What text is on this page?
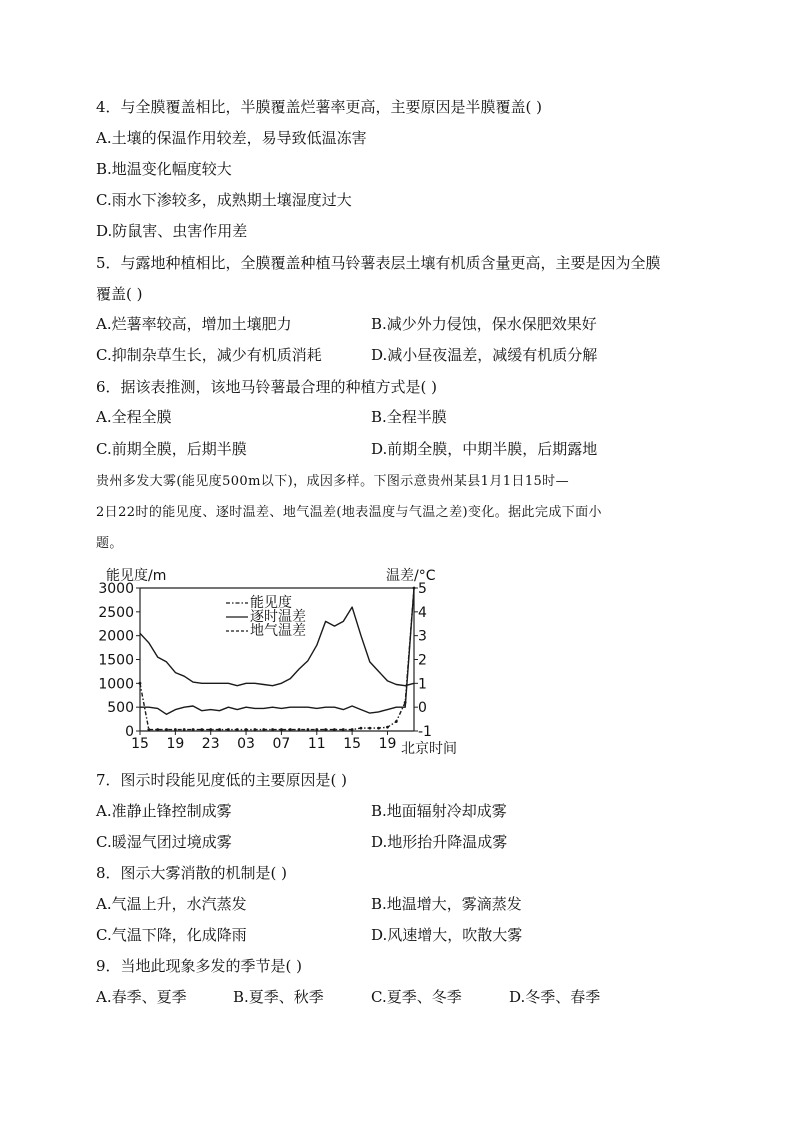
4．与全膜覆盖相比，半膜覆盖烂薯率更高，主要原因是半膜覆盖( )
A.土壤的保温作用较差，易导致低温冻害
B.地温变化幅度较大
C.雨水下渗较多，成熟期土壤湿度过大
D.防鼠害、虫害作用差
5．与露地种植相比，全膜覆盖种植马铃薯表层土壤有机质含量更高，主要是因为全膜
覆盖( )
A.烂薯率较高，增加土壤肥力	B.减少外力侵蚀，保水保肥效果好
C.抑制杂草生长，减少有机质消耗	D.减小昼夜温差，减缓有机质分解
6．据该表推测，该地马铃薯最合理的种植方式是( )
A.全程全膜	B.全程半膜
C.前期全膜，后期半膜	D.前期全膜，中期半膜，后期露地
贵州多发大雾(能见度500m以下)，成因多样。下图示意贵州某县1月1日15时—
2日22时的能见度、逐时温差、地气温差(地表温度与气温之差)变化。据此完成下面小
题。
能见度/m	温差/°C
北京时间
0
500
1000
1500
2000
2500
3000
-1
0
1
2
3
4
5
15 19 23 03 07 11 15 19
能见度
逐时温差
地气温差
7．图示时段能见度低的主要原因是( )
A.准静止锋控制成雾	B.地面辐射冷却成雾
C.暖湿气团过境成雾	D.地形抬升降温成雾
8．图示大雾消散的机制是( )
A.气温上升，水汽蒸发	B.地温增大，雾滴蒸发
C.气温下降，化成降雨	D.风速增大，吹散大雾
9．当地此现象多发的季节是( )
A.春季、夏季	B.夏季、秋季	C.夏季、冬季	D.冬季、春季
